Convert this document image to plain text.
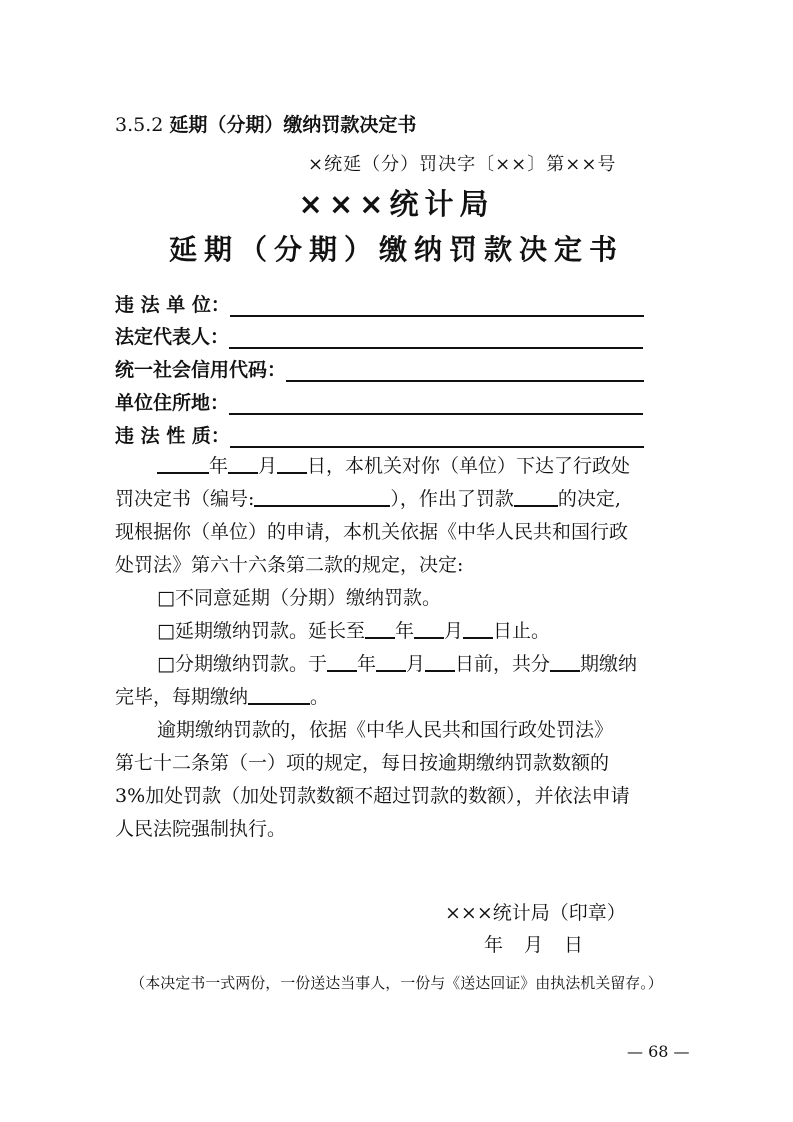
3.5.2 延期（分期）缴纳罚款决定书
×统延（分）罚决字〔××〕第××号
×××统计局
延期（分期）缴纳罚款决定书
违 法 单 位：
法定代表人：
统一社会信用代码：
单位住所地：
违 法 性 质：
年 月 日，本机关对你（单位）下达了行政处
罚决定书（编号:	），作出了罚款 的决定,
现根据你（单位）的申请，本机关依据《中华人民共和国行政
处罚法》第六十六条第二款的规定，决定:
□不同意延期（分期）缴纳罚款。
□延期缴纳罚款。延长至 年 月 日止。
□分期缴纳罚款。于 年 月 日前，共分 期缴纳
完毕，每期缴纳	。
逾期缴纳罚款的，依据《中华人民共和国行政处罚法》
第七十二条第（一）项的规定，每日按逾期缴纳罚款数额的
3%加处罚款（加处罚款数额不超过罚款的数额），并依法申请
人民法院强制执行。
×××统计局（印章）
年　月　日
（本决定书一式两份，一份送达当事人，一份与《送达回证》由执法机关留存。）
— 68 —
